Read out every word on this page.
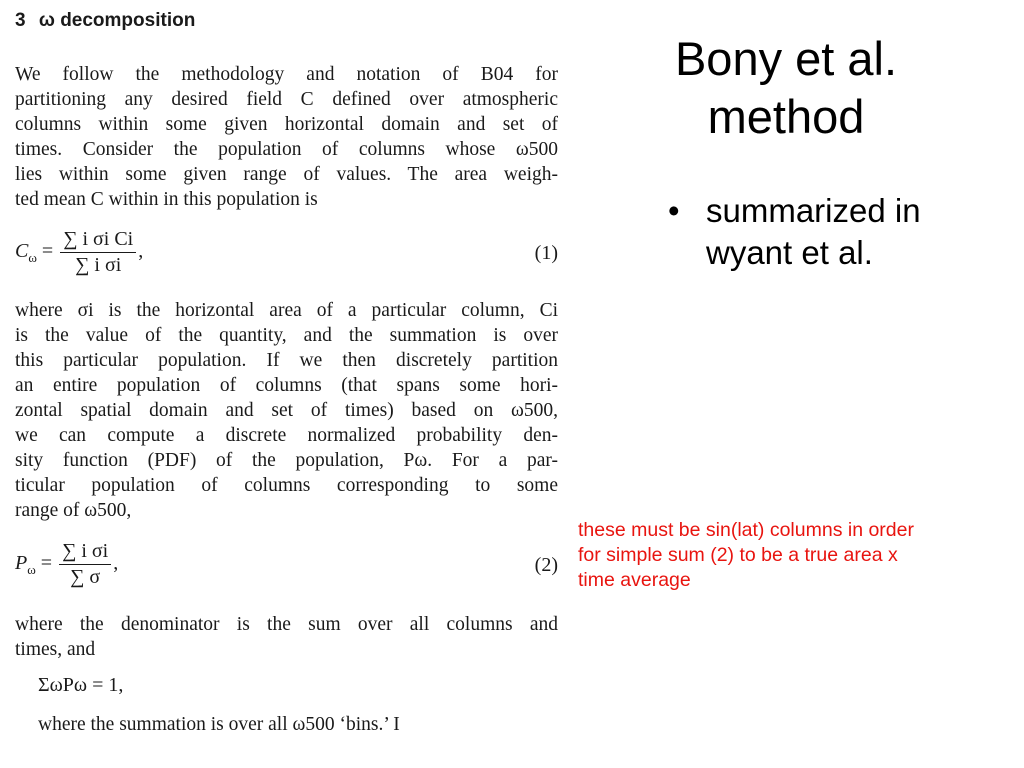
3 ω decomposition
We follow the methodology and notation of B04 for
partitioning any desired field C defined over atmospheric
columns within some given horizontal domain and set of
times. Consider the population of columns whose ω500
lies within some given range of values. The area weigh-
ted mean C within in this population is
$C_\omega = \frac{\text{∑ i σi Ci}}{\text{∑ i σi}}$ ,	(1)
where σi is the horizontal area of a particular column, Ci
is the value of the quantity, and the summation is over
this particular population. If we then discretely partition
an entire population of columns (that spans some hori-
zontal spatial domain and set of times) based on ω500,
we can compute a discrete normalized probability den-
sity function (PDF) of the population, Pω. For a par-
ticular population of columns corresponding to some
range of ω500,
$P_\omega = \frac{\text{∑ i σi}}{\sum \sigma}$ ,	(2)
where the denominator is the sum over all columns and
times, and
ΣωPω = 1,
where the summation is over all ω500 ‘bins.’ I
Bony et al.
method
• summarized in wyant et al.
these must be sin(lat) columns in order for simple sum (2) to be a true area x time average
